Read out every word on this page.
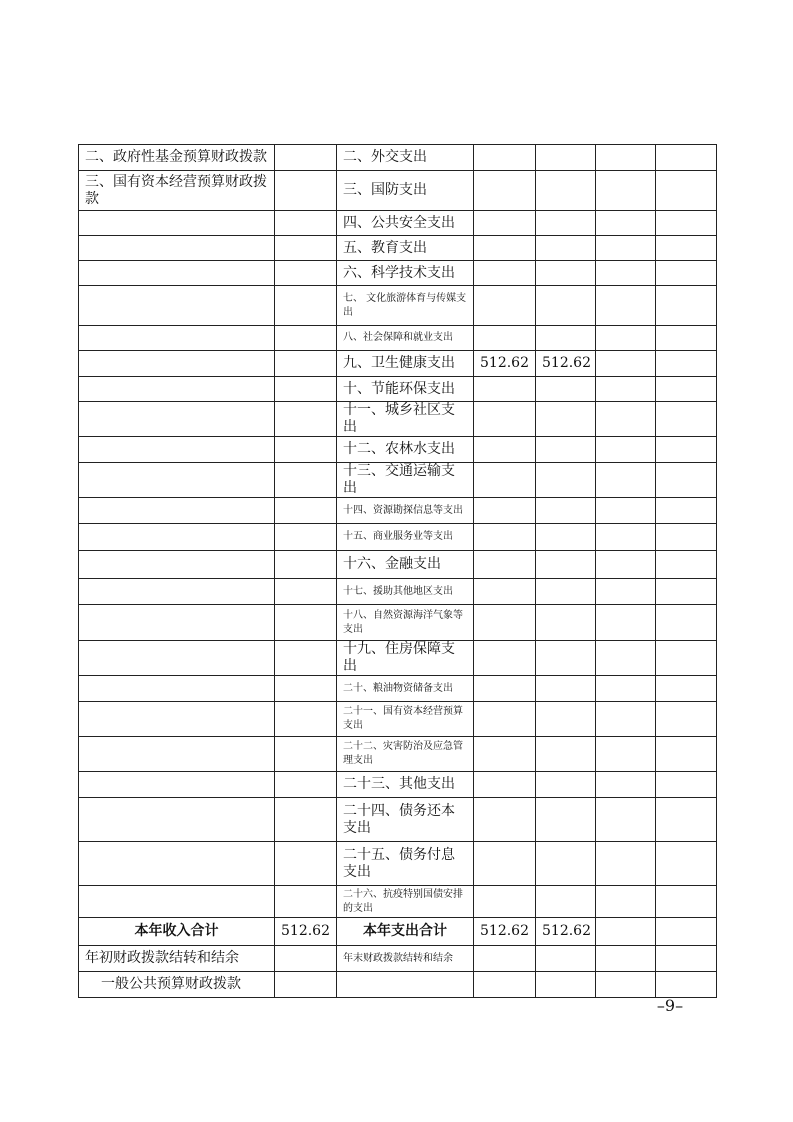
二、政府性基金预算财政拨款		二、外交支出				
三、国有资本经营预算财政拨款		三、国防支出				
		四、公共安全支出				
		五、教育支出				
		六、科学技术支出				
		七、 文化旅游体育与传媒支出				
		八、社会保障和就业支出				
		九、卫生健康支出	512.62	512.62		
		十、节能环保支出				
		十一、城乡社区支出				
		十二、农林水支出				
		十三、交通运输支出				
		十四、资源勘探信息等支出				
		十五、商业服务业等支出				
		十六、金融支出				
		十七、援助其他地区支出				
		十八、自然资源海洋气象等支出				
		十九、住房保障支出				
		二十、粮油物资储备支出				
		二十一、国有资本经营预算支出				
		二十二、灾害防治及应急管理支出				
		二十三、其他支出				
		二十四、债务还本支出				
		二十五、债务付息支出				
		二十六、抗疫特别国债安排的支出				
本年收入合计	512.62	本年支出合计	512.62	512.62		
年初财政拨款结转和结余		年末财政拨款结转和结余				
一般公共预算财政拨款						
–9–
